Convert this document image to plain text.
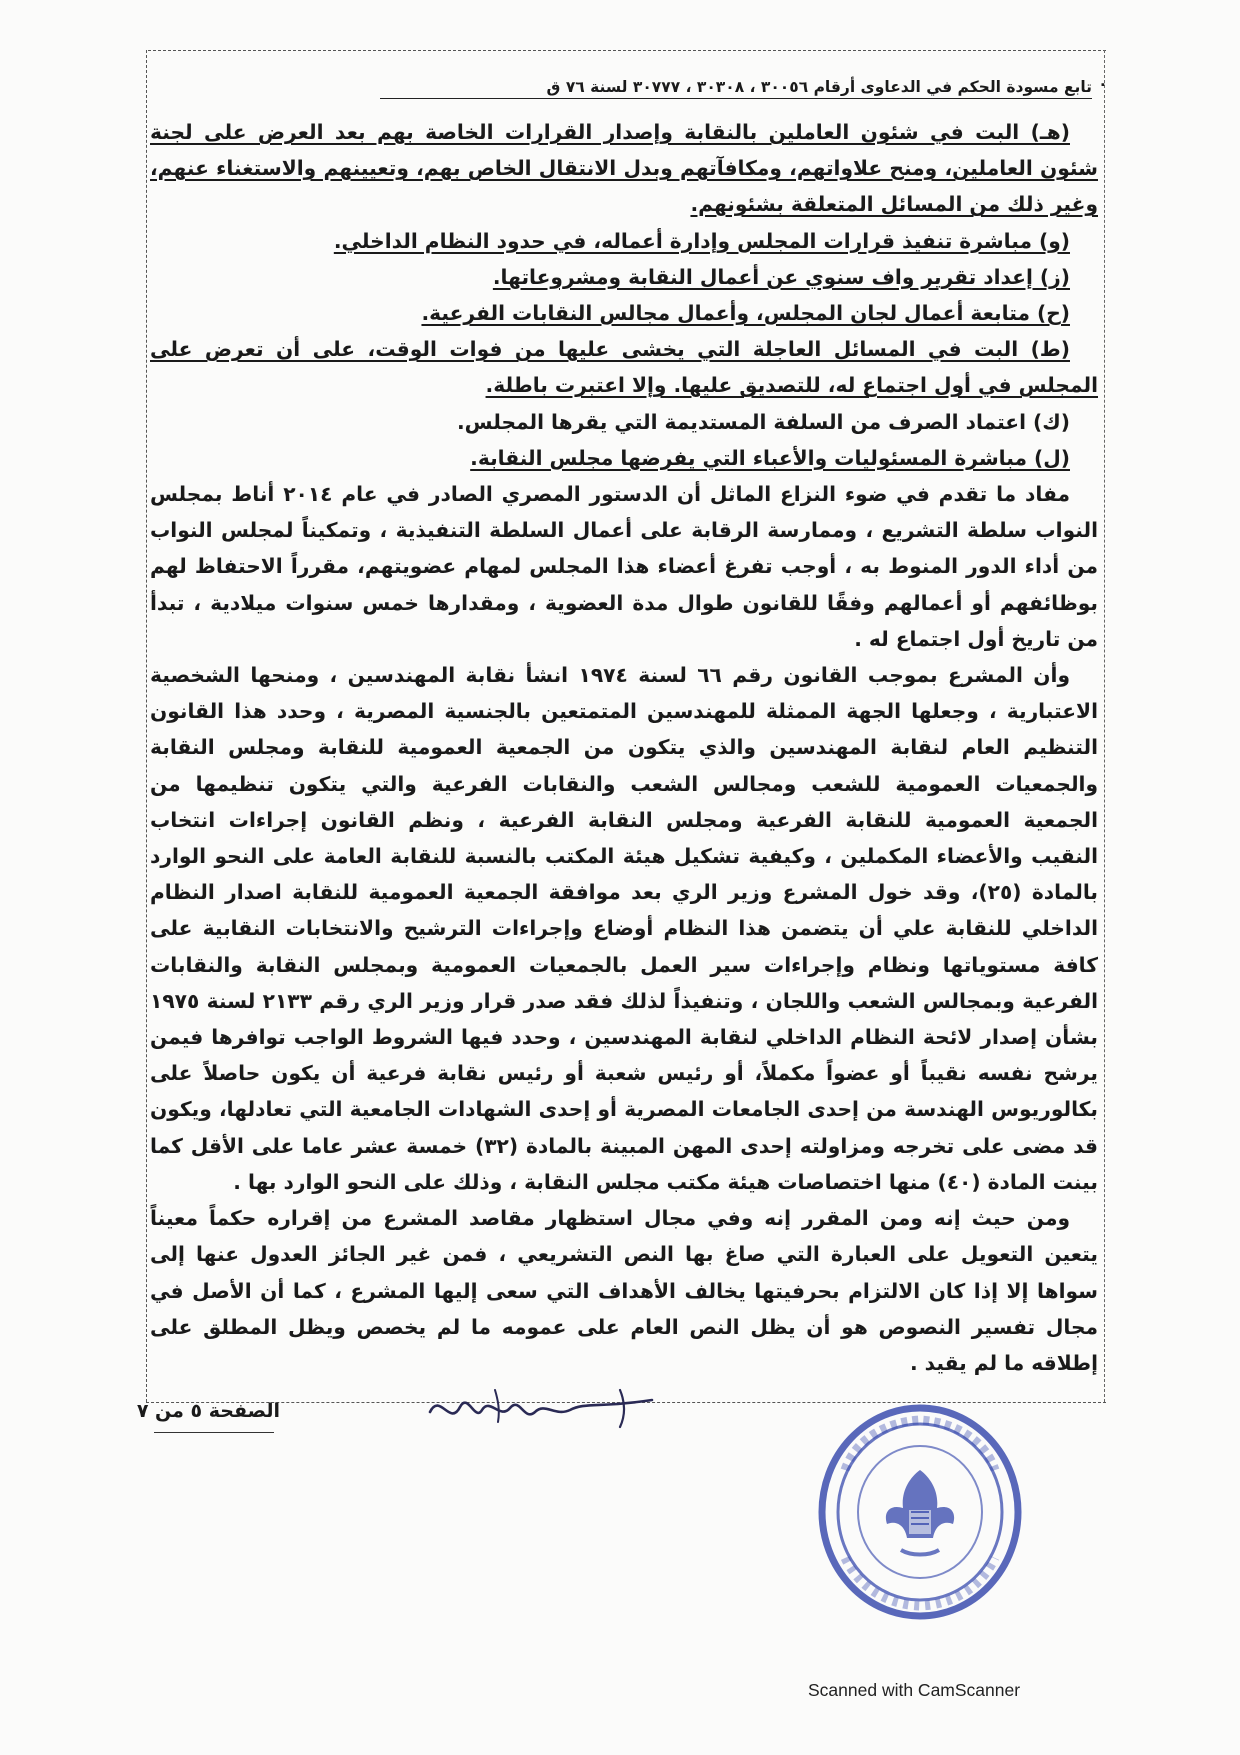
٠
تابع مسودة الحكم في الدعاوى أرقام ٣٠٠٥٦ ، ٣٠٣٠٨ ، ٣٠٧٧٧ لسنة ٧٦ ق

(هـ) البت في شئون العاملين بالنقابة وإصدار القرارات الخاصة بهم بعد العرض على لجنة شئون العاملين، ومنح علاواتهم، ومكافآتهم وبدل الانتقال الخاص بهم، وتعيينهم والاستغناء عنهم، وغير ذلك من المسائل المتعلقة بشئونهم.

(و) مباشرة تنفيذ قرارات المجلس وإدارة أعماله، في حدود النظام الداخلي.

(ز) إعداد تقرير واف سنوي عن أعمال النقابة ومشروعاتها.

(ح) متابعة أعمال لجان المجلس، وأعمال مجالس النقابات الفرعية.

(ط) البت في المسائل العاجلة التي يخشى عليها من فوات الوقت، على أن تعرض على المجلس في أول اجتماع له، للتصديق عليها. وإلا اعتبرت باطلة.

(ك) اعتماد الصرف من السلفة المستديمة التي يقرها المجلس.

(ل) مباشرة المسئوليات والأعباء التي يفرضها مجلس النقابة.

مفاد ما تقدم في ضوء النزاع الماثل أن الدستور المصري الصادر في عام ٢٠١٤ أناط بمجلس النواب سلطة التشريع ، وممارسة الرقابة على أعمال السلطة التنفيذية ، وتمكيناً لمجلس النواب من أداء الدور المنوط به ، أوجب تفرغ أعضاء هذا المجلس لمهام عضويتهم، مقرراً الاحتفاظ لهم بوظائفهم أو أعمالهم وفقًا للقانون طوال مدة العضوية ، ومقدارها خمس سنوات ميلادية ، تبدأ من تاريخ أول اجتماع له .

وأن المشرع بموجب القانون رقم ٦٦ لسنة ١٩٧٤ انشأ نقابة المهندسين ، ومنحها الشخصية الاعتبارية ، وجعلها الجهة الممثلة للمهندسين المتمتعين بالجنسية المصرية ، وحدد هذا القانون التنظيم العام لنقابة المهندسين والذي يتكون من الجمعية العمومية للنقابة ومجلس النقابة والجمعيات العمومية للشعب ومجالس الشعب والنقابات الفرعية والتي يتكون تنظيمها من الجمعية العمومية للنقابة الفرعية ومجلس النقابة الفرعية ، ونظم القانون إجراءات انتخاب النقيب والأعضاء المكملين ، وكيفية تشكيل هيئة المكتب بالنسبة للنقابة العامة على النحو الوارد بالمادة (٢٥)، وقد خول المشرع وزير الري بعد موافقة الجمعية العمومية للنقابة اصدار النظام الداخلي للنقابة علي أن يتضمن هذا النظام أوضاع وإجراءات الترشيح والانتخابات النقابية على كافة مستوياتها ونظام وإجراءات سير العمل بالجمعيات العمومية وبمجلس النقابة والنقابات الفرعية وبمجالس الشعب واللجان ، وتنفيذاً لذلك فقد صدر قرار وزير الري رقم ٢١٣٣ لسنة ١٩٧٥ بشأن إصدار لائحة النظام الداخلي لنقابة المهندسين ، وحدد فيها الشروط الواجب توافرها فيمن يرشح نفسه نقيباً أو عضواً مكملاً، أو رئيس شعبة أو رئيس نقابة فرعية أن يكون حاصلاً على بكالوريوس الهندسة من إحدى الجامعات المصرية أو إحدى الشهادات الجامعية التي تعادلها، ويكون قد مضى على تخرجه ومزاولته إحدى المهن المبينة بالمادة (٣٢) خمسة عشر عاما على الأقل كما بينت المادة (٤٠) منها اختصاصات هيئة مكتب مجلس النقابة ، وذلك على النحو الوارد بها .

ومن حيث إنه ومن المقرر إنه وفي مجال استظهار مقاصد المشرع من إقراره حكماً معيناً يتعين التعويل على العبارة التي صاغ بها النص التشريعي ، فمن غير الجائز العدول عنها إلى سواها إلا إذا كان الالتزام بحرفيتها يخالف الأهداف التي سعى إليها المشرع ، كما أن الأصل في مجال تفسير النصوص هو أن يظل النص العام على عمومه ما لم يخصص ويظل المطلق على إطلاقه ما لم يقيد .

الصفحة ٥ من ٧
Scanned with CamScanner
